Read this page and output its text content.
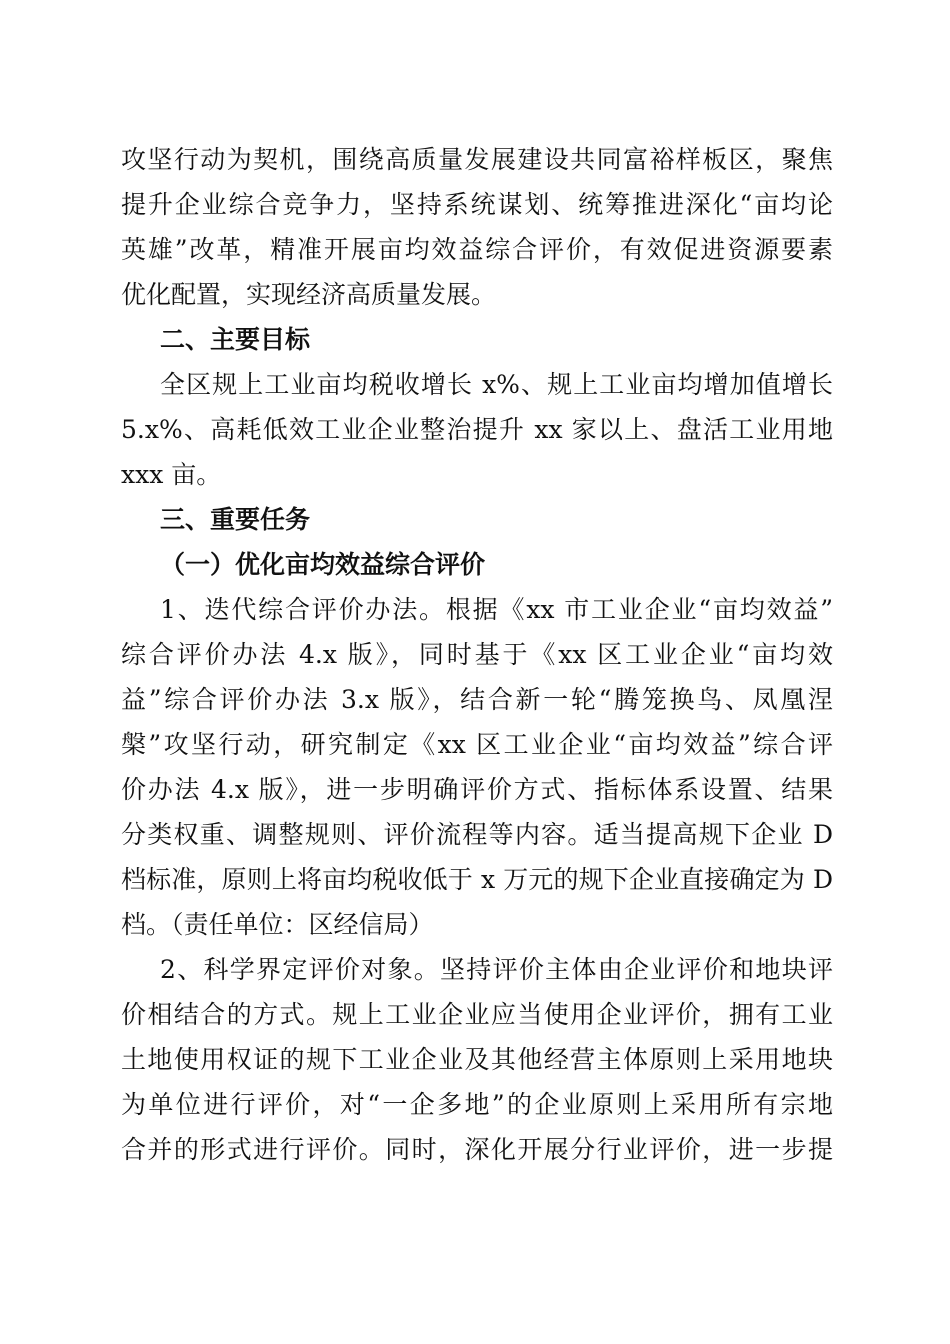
攻坚行动为契机，围绕高质量发展建设共同富裕样板区，聚焦

提升企业综合竞争力，坚持系统谋划、统筹推进深化“亩均论

英雄”改革，精准开展亩均效益综合评价，有效促进资源要素

优化配置，实现经济高质量发展。

二、主要目标

全区规上工业亩均税收增长 x%、规上工业亩均增加值增长

5.x%、高耗低效工业企业整治提升 xx 家以上、盘活工业用地

xxx 亩。

三、重要任务
（一）优化亩均效益综合评价

1、迭代综合评价办法。根据《xx 市工业企业“亩均效益”

综合评价办法 4.x 版》，同时基于《xx 区工业企业“亩均效

益”综合评价办法 3.x 版》，结合新一轮“腾笼换鸟、凤凰涅

槃”攻坚行动，研究制定《xx 区工业企业“亩均效益”综合评

价办法 4.x 版》，进一步明确评价方式、指标体系设置、结果

分类权重、调整规则、评价流程等内容。适当提高规下企业 D

档标准，原则上将亩均税收低于 x 万元的规下企业直接确定为 D

档。（责任单位：区经信局）

2、科学界定评价对象。坚持评价主体由企业评价和地块评

价相结合的方式。规上工业企业应当使用企业评价，拥有工业

土地使用权证的规下工业企业及其他经营主体原则上采用地块

为单位进行评价，对“一企多地”的企业原则上采用所有宗地

合并的形式进行评价。同时，深化开展分行业评价，进一步提
